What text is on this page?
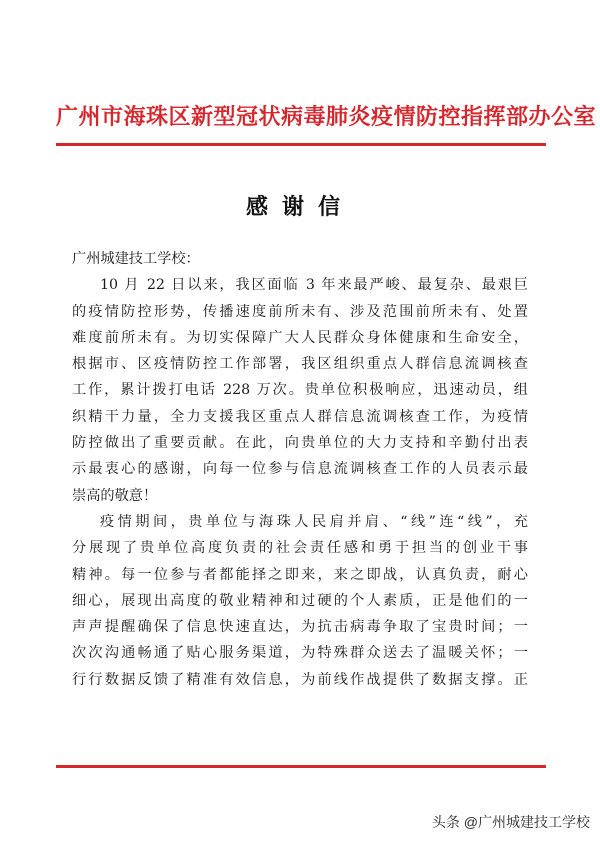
广州市海珠区新型冠状病毒肺炎疫情防控指挥部办公室
感谢信
广州城建技工学校：
10 月 22 日以来，我区面临 3 年来最严峻、最复杂、最艰巨
的疫情防控形势，传播速度前所未有、涉及范围前所未有、处置
难度前所未有。为切实保障广大人民群众身体健康和生命安全，
根据市、区疫情防控工作部署，我区组织重点人群信息流调核查
工作，累计拨打电话 228 万次。贵单位积极响应，迅速动员，组
织精干力量，全力支援我区重点人群信息流调核查工作，为疫情
防控做出了重要贡献。在此，向贵单位的大力支持和辛勤付出表
示最衷心的感谢，向每一位参与信息流调核查工作的人员表示最
崇高的敬意！
疫情期间，贵单位与海珠人民肩并肩、“线”连“线”，充
分展现了贵单位高度负责的社会责任感和勇于担当的创业干事
精神。每一位参与者都能择之即来，来之即战，认真负责，耐心
细心，展现出高度的敬业精神和过硬的个人素质，正是他们的一
声声提醒确保了信息快速直达，为抗击病毒争取了宝贵时间；一
次次沟通畅通了贴心服务渠道，为特殊群众送去了温暖关怀；一
行行数据反馈了精准有效信息，为前线作战提供了数据支撑。正
头条 @广州城建技工学校
